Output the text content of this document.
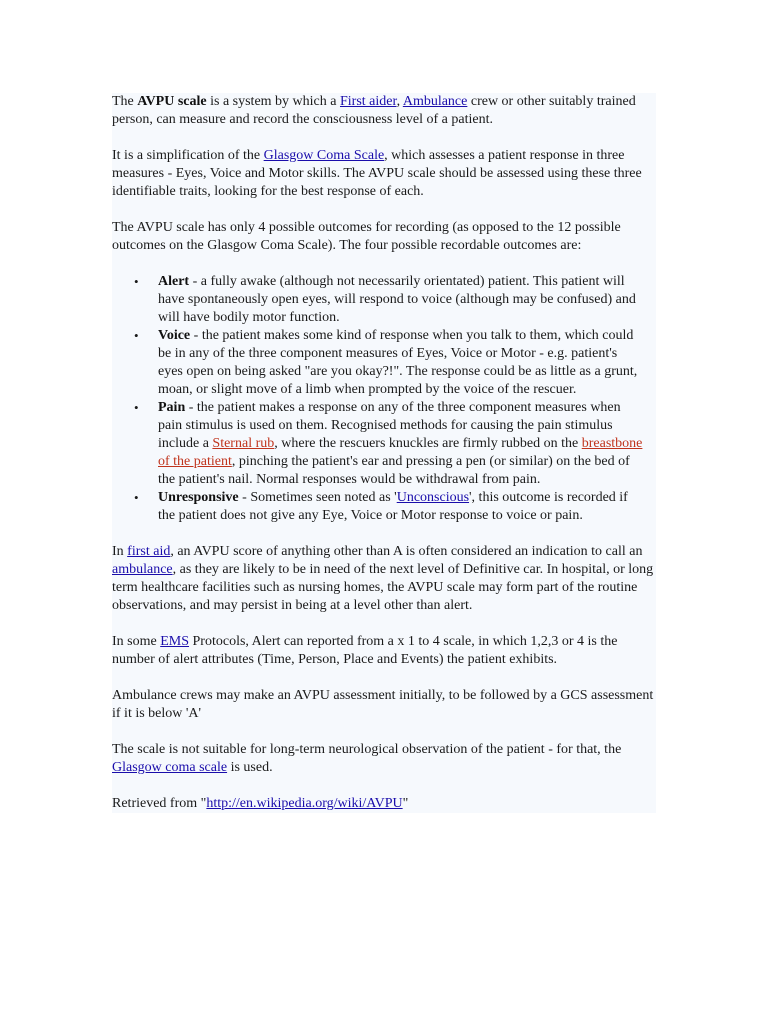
The AVPU scale is a system by which a First aider, Ambulance crew or other suitably trained person, can measure and record the consciousness level of a patient.

It is a simplification of the Glasgow Coma Scale, which assesses a patient response in three measures - Eyes, Voice and Motor skills. The AVPU scale should be assessed using these three identifiable traits, looking for the best response of each.

The AVPU scale has only 4 possible outcomes for recording (as opposed to the 12 possible outcomes on the Glasgow Coma Scale). The four possible recordable outcomes are:

• Alert - a fully awake (although not necessarily orientated) patient. This patient will have spontaneously open eyes, will respond to voice (although may be confused) and will have bodily motor function.
• Voice - the patient makes some kind of response when you talk to them, which could be in any of the three component measures of Eyes, Voice or Motor - e.g. patient's eyes open on being asked "are you okay?!". The response could be as little as a grunt, moan, or slight move of a limb when prompted by the voice of the rescuer.
• Pain - the patient makes a response on any of the three component measures when pain stimulus is used on them. Recognised methods for causing the pain stimulus include a Sternal rub, where the rescuers knuckles are firmly rubbed on the breastbone of the patient, pinching the patient's ear and pressing a pen (or similar) on the bed of the patient's nail. Normal responses would be withdrawal from pain.
• Unresponsive - Sometimes seen noted as 'Unconscious', this outcome is recorded if the patient does not give any Eye, Voice or Motor response to voice or pain.

In first aid, an AVPU score of anything other than A is often considered an indication to call an ambulance, as they are likely to be in need of the next level of Definitive car. In hospital, or long term healthcare facilities such as nursing homes, the AVPU scale may form part of the routine observations, and may persist in being at a level other than alert.

In some EMS Protocols, Alert can reported from a x 1 to 4 scale, in which 1,2,3 or 4 is the number of alert attributes (Time, Person, Place and Events) the patient exhibits.

Ambulance crews may make an AVPU assessment initially, to be followed by a GCS assessment if it is below 'A'

The scale is not suitable for long-term neurological observation of the patient - for that, the Glasgow coma scale is used.

Retrieved from "http://en.wikipedia.org/wiki/AVPU"
